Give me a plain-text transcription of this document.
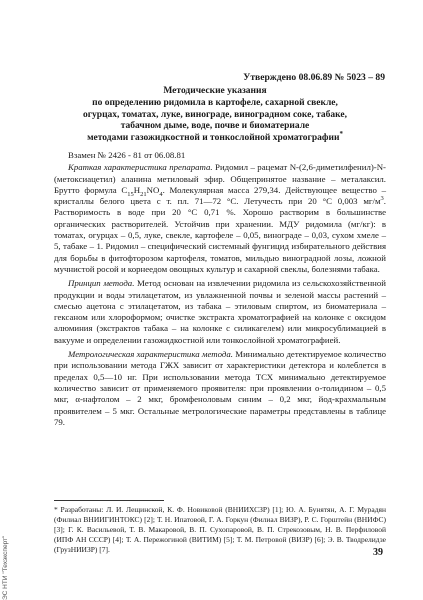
Утверждено 08.06.89 № 5023 – 89
Методические указания
по определению ридомила в картофеле, сахарной свекле,
огурцах, томатах, луке, винограде, виноградном соке, табаке,
табачном дыме, воде, почве и биоматериале
методами газожидкостной и тонкослойной хроматографии*

Взамен № 2426 - 81 от 06.08.81

Краткая характеристика препарата. Ридомил – рацемат N-(2,6-диметилфенил)-N-(метоксиацетил) аланина метиловый эфир. Общепринятое название – металаксил. Брутто формула $C_{15}H_{21}NO_4$. Молекулярная масса 279,34. Действующее вещество – кристаллы белого цвета с т. пл. 71—72 °С. Летучесть при 20 °С 0,003 $мг/м^3$. Растворимость в воде при 20 °С 0,71 %. Хорошо растворим в большинстве органических растворителей. Устойчив при хранении. МДУ ридомила (мг/кг): в томатах, огурцах – 0,5, луке, свекле, картофеле – 0,05, винограде – 0,03, сухом хмеле – 5, табаке – 1. Ридомил – специфический системный фунгицид избирательного действия для борьбы в фитофторозом картофеля, томатов, мильдью виноградной лозы, ложной мучнистой росой и корнеедом овощных культур и сахарной свеклы, болезнями табака.

Принцип метода. Метод основан на извлечении ридомила из сельскохозяйственной продукции и воды этилацетатом, из увлажненной почвы и зеленой массы растений – смесью ацетона с этилацетатом, из табака – этиловым спиртом, из биоматериала – гексаном или хлороформом; очистке экстракта хроматографией на колонке с оксидом алюминия (экстрактов табака – на колонке с силикагелем) или микросублимацией в вакууме и определении газожидкостной или тонкослойной хроматографией.

Метрологическая характеристика метода. Минимально детектируемое количество при использовании метода ГЖХ зависит от характеристики детектора и колеблется в пределах 0,5—10 нг. При использовании метода ТСХ минимально детектируемое количество зависит от применяемого проявителя: при проявлении о-толидином – 0,5 мкг, α-нафтолом – 2 мкг, бромфеноловым синим – 0,2 мкг, йод-крахмальным проявителем – 5 мкг. Остальные метрологические параметры представлены в таблице 79.

* Разработаны: Л. И. Лещинской, К. Ф. Новиковой (ВНИИХСЗР) [1]; Ю. А. Бунятян, А. Г. Мурадян (Филиал ВНИИГИНТОКС) [2]; Т. Н. Ипатовой, Г. А. Горкун (Филиал ВИЗР), Р. С. Горштейн (ВНИФС) [3]; Г. К. Васильевой, Т. В. Макаровой, В. П. Сухопаровой, В. П. Стрекозовым, Н. В. Перфиловой (ИПФ АН СССР) [4]; Т. А. Пережогиной (ВИТИМ) [5]; Т. М. Петровой (ВИЗР) [6]; Э. В. Тводрелидзе (ГрузНИИЗР) [7].	39
ЭС НТИ "Техэксперт"
